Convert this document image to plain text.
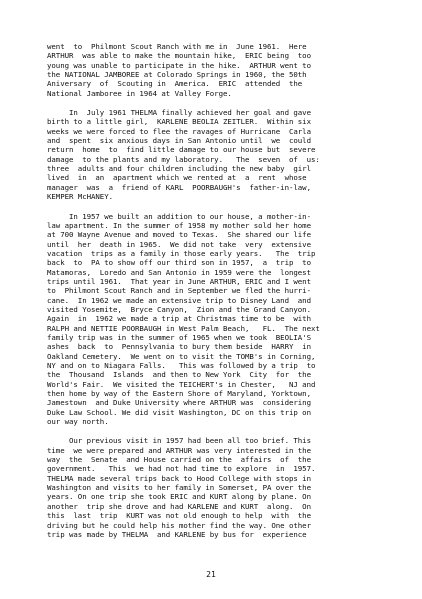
went  to  Philmont Scout Ranch with me in  June 1961.  Here
ARTHUR  was able to make the mountain hike,  ERIC being  too
young was unable to participate in the hike.  ARTHUR went to
the NATIONAL JAMBOREE at Colorado Springs in 1960, the 50th
Aniversary  of  Scouting in  America.  ERIC  attended  the
National Jamboree in 1964 at Valley Forge.
In  July 1961 THELMA finally achieved her goal and gave
birth to a little girl,  KARLENE BEOLIA ZEITLER.  Within six
weeks we were forced to flee the ravages of Hurricane  Carla
and  spent  six anxious days in San Antonio until  we  could
return  home  to  find little damage to our house but  severe
damage  to the plants and my laboratory.   The  seven  of  us:
three  adults and four children including the new baby  girl
lived  in  an  apartment which we rented at  a  rent  whose
manager  was  a  friend of KARL  POORBAUGH's  father-in-law,
KEMPER McHANEY.
In 1957 we built an addition to our house, a mother-in-
law apartment. In the summer of 1958 my mother sold her home
at 700 Wayne Avenue and moved to Texas.  She shared our life
until  her  death in 1965.  We did not take  very  extensive
vacation  trips as a family in those early years.   The  trip
back  to  PA to show off our third son in 1957,  a  trip  to
Matamoras,  Loredo and San Antonio in 1959 were the  longest
trips until 1961.  That year in June ARTHUR, ERIC and I went
to  Philmont Scout Ranch and in September we fled the hurri-
cane.  In 1962 we made an extensive trip to Disney Land  and
visited Yosemite,  Bryce Canyon,  Zion and the Grand Canyon.
Again  in  1962 we made a trip at Christmas time to be  with
RALPH and NETTIE POORBAUGH in West Palm Beach,   FL.  The next
family trip was in the summer of 1965 when we took  BEOLIA'S
ashes  back  to  Pennsylvania to bury them beside  HARRY  in
Oakland Cemetery.  We went on to visit the TOMB's in Corning,
NY and on to Niagara Falls.   This was followed by a trip  to
the  Thousand  Islands  and then to New York  City  for  the
World's Fair.  We visited the TEICHERT's in Chester,   NJ and
then home by way of the Eastern Shore of Maryland, Yorktown,
Jamestown  and Duke University where ARTHUR was  considering
Duke Law School. We did visit Washington, DC on this trip on
our way north.
Our previous visit in 1957 had been all too brief. This
time  we were prepared and ARTHUR was very interested in the
way  the  Senate  and House carried on the  affairs  of  the
government.   This  we had not had time to explore  in  1957.
THELMA made several trips back to Hood College with stops in
Washington and visits to her family in Somerset, PA over the
years. On one trip she took ERIC and KURT along by plane. On
another  trip she drove and had KARLENE and KURT  along.  On
this  last  trip  KURT was not old enough to help  with  the
driving but he could help his mother find the way. One other
trip was made by THELMA  and KARLENE by bus for  experience
21
